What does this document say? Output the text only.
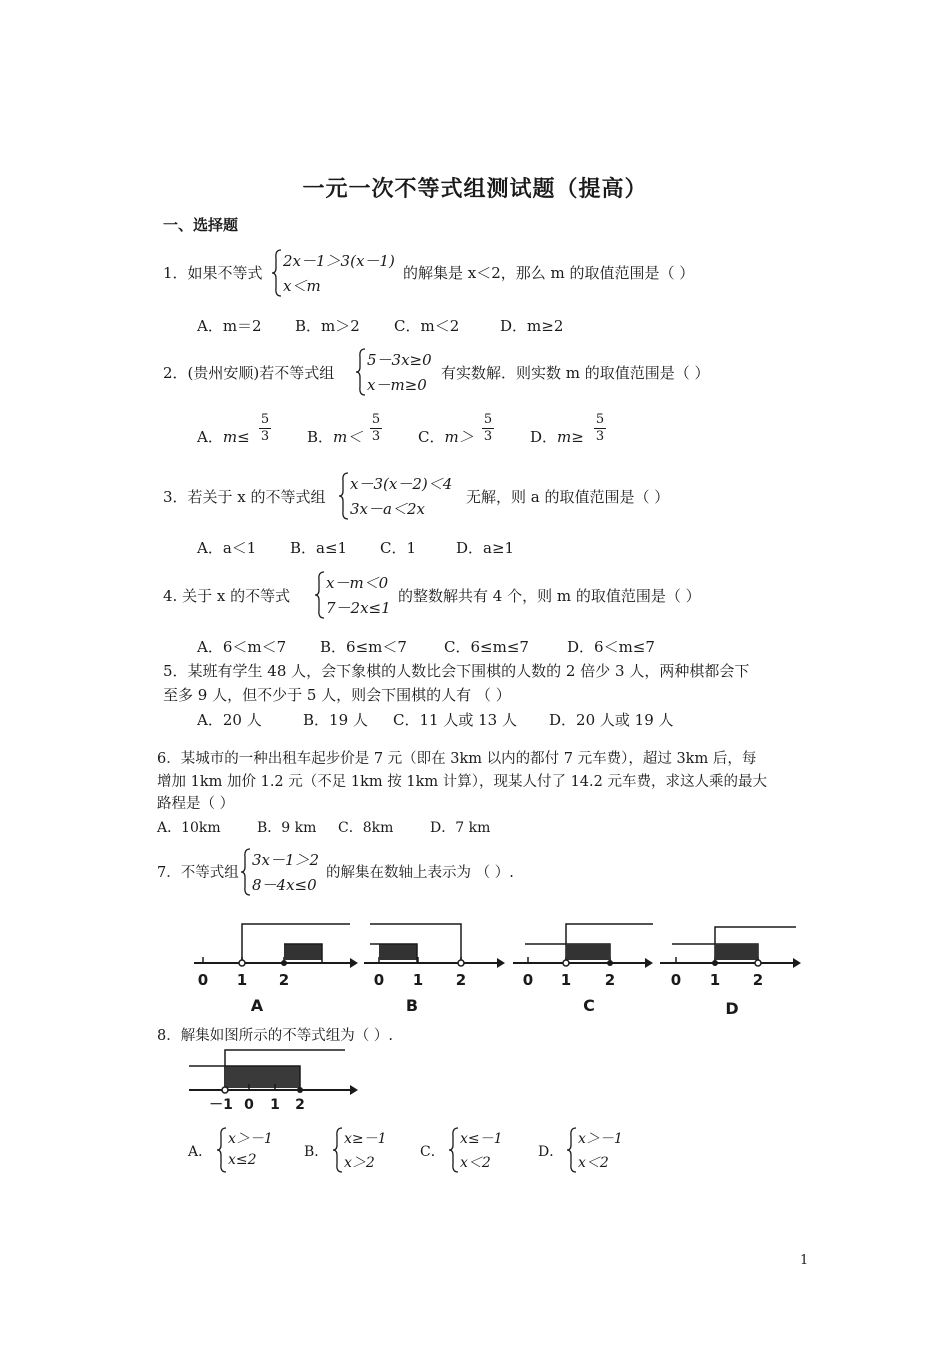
一元一次不等式组测试题（提高）
一、选择题
1．如果不等式
2x－1＞3(x－1)
x＜m
的解集是 x＜2，那么 m 的取值范围是（ ）
A．m＝2 B．m＞2 C．m＜2	D．m≥2
2．(贵州安顺)若不等式组
5－3x≥0
x－m≥0
有实数解．则实数 m 的取值范围是（ ）
A．m≤
5
3	B．m＜
5
3	C．m＞
5
3	D．m≥
5
3
3．若关于 x 的不等式组
x－3(x－2)＜4
3x－a＜2x
无解，则 a 的取值范围是（ ）
A．a＜1 B．a≤1 C．1	D．a≥1
4. 关于 x 的不等式
x－m＜0
7－2x≤1
的整数解共有 4 个，则 m 的取值范围是（ ）
A．6＜m＜7 B．6≤m＜7 C．6≤m≤7	D．6＜m≤7
5．某班有学生 48 人，会下象棋的人数比会下围棋的人数的 2 倍少 3 人，两种棋都会下
至多 9 人，但不少于 5 人，则会下围棋的人有 （ ）
A．20 人	B．19 人 C．11 人或 13 人 D．20 人或 19 人
6．某城市的一种出租车起步价是 7 元（即在 3km 以内的都付 7 元车费），超过 3km 后，每
增加 1km 加价 1.2 元（不足 1km 按 1km 计算），现某人付了 14.2 元车费，求这人乘的最大
路程是（ ）
A．10km	B．9 km C．8km	D．7 km
7．不等式组
3x－1＞2
8－4x≤0
的解集在数轴上表示为 （ ）.
0 1 2	0 1 2	0 1 2	0 1 2
A	B	C	D
8．解集如图所示的不等式组为（ ）.
－1 0 1 2
A．
x＞－1
x≤2	B．
x≥－1
x＞2
C．
x≤－1
x＜2
D．
x＞－1
x＜2
1
